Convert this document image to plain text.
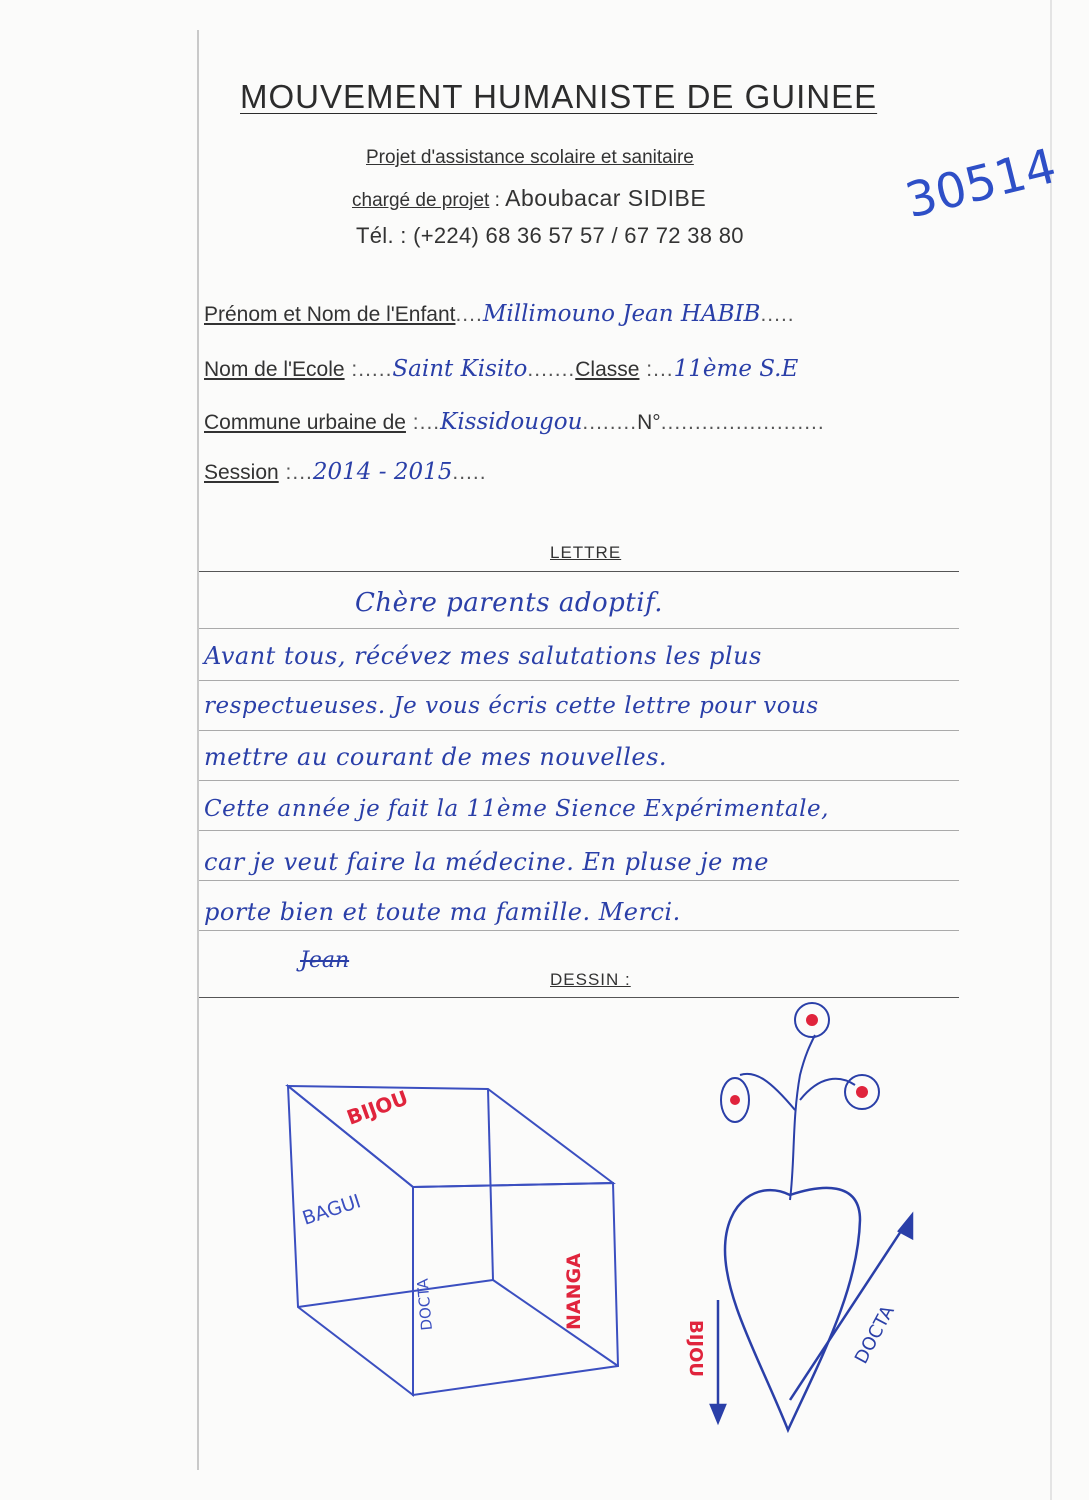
MOUVEMENT HUMANISTE DE GUINEE
Projet d'assistance scolaire et sanitaire
chargé de projet : Aboubacar SIDIBE
Tél. : (+224) 68 36 57 57 / 67 72 38 80
30514
Prénom et Nom de l'Enfant....Millimouno Jean HABIB.....
Nom de l'Ecole :.....Saint Kisito.......Classe :...11ème S.E
Commune urbaine de :...Kissidougou........N°........................
Session :...2014 - 2015.....
LETTRE
Chère parents adoptif.
Avant tous, récévez mes salutations les plus
respectueuses. Je vous écris cette lettre pour vous
mettre au courant de mes nouvelles.
Cette année je fait la 11ème Sience Expérimentale,
car je veut faire la médecine. En pluse je me
porte bien et toute ma famille. Merci.
Jean
DESSIN :
BIJOU
BAGUI
NANGA
DOCTA
BIJOU	DOCTA
